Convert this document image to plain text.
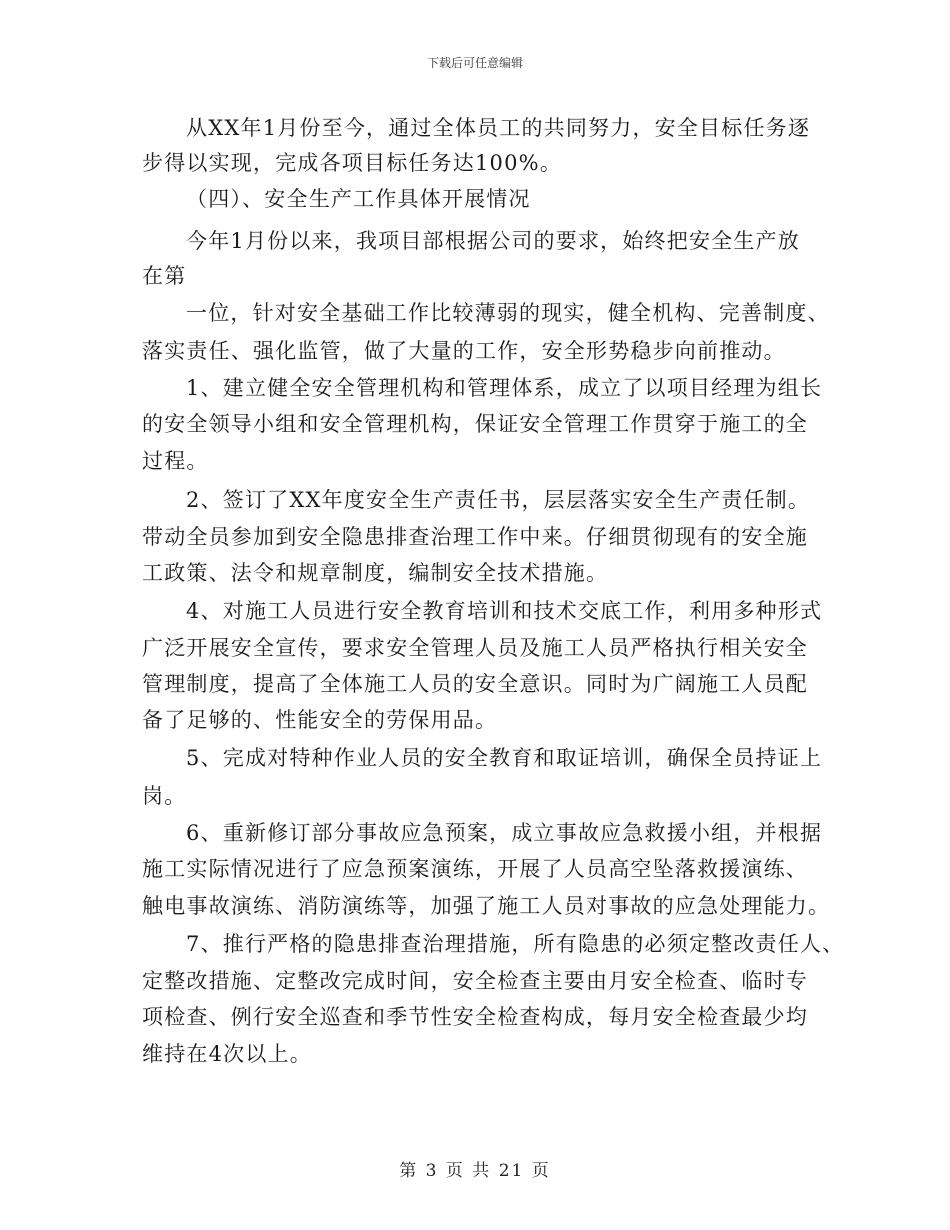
下载后可任意编辑
从XX年1月份至今，通过全体员工的共同努力，安全目标任务逐
步得以实现，完成各项目标任务达100%。
（四）、安全生产工作具体开展情况
今年1月份以来，我项目部根据公司的要求，始终把安全生产放
在第
一位，针对安全基础工作比较薄弱的现实，健全机构、完善制度、
落实责任、强化监管，做了大量的工作，安全形势稳步向前推动。
1、建立健全安全管理机构和管理体系，成立了以项目经理为组长
的安全领导小组和安全管理机构，保证安全管理工作贯穿于施工的全
过程。
2、签订了XX年度安全生产责任书，层层落实安全生产责任制。
带动全员参加到安全隐患排查治理工作中来。仔细贯彻现有的安全施
工政策、法令和规章制度，编制安全技术措施。
4、对施工人员进行安全教育培训和技术交底工作，利用多种形式
广泛开展安全宣传，要求安全管理人员及施工人员严格执行相关安全
管理制度，提高了全体施工人员的安全意识。同时为广阔施工人员配
备了足够的、性能安全的劳保用品。
5、完成对特种作业人员的安全教育和取证培训，确保全员持证上
岗。
6、重新修订部分事故应急预案，成立事故应急救援小组，并根据
施工实际情况进行了应急预案演练，开展了人员高空坠落救援演练、
触电事故演练、消防演练等，加强了施工人员对事故的应急处理能力。
7、推行严格的隐患排查治理措施，所有隐患的必须定整改责任人、
定整改措施、定整改完成时间，安全检查主要由月安全检查、临时专
项检查、例行安全巡查和季节性安全检查构成，每月安全检查最少均
维持在4次以上。
第 3 页 共 21 页
